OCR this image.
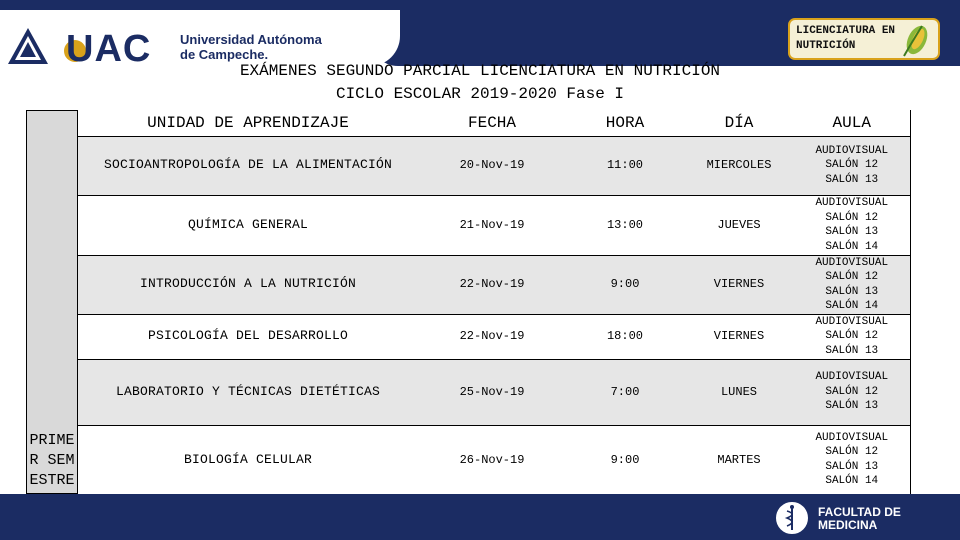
UAC Universidad Autónoma
de Campeche.
LICENCIATURA EN
NUTRICIÓN
EXÁMENES SEGUNDO PARCIAL LICENCIATURA EN NUTRICIÓN
CICLO ESCOLAR 2019-2020 Fase I
PRIMER SEMESTRE
UNIDAD DE APRENDIZAJE	FECHA	HORA	DÍA	AULA
SOCIOANTROPOLOGÍA DE LA ALIMENTACIÓN	20-Nov-19	11:00	MIERCOLES	AUDIOVISUAL
SALÓN 12
SALÓN 13

QUÍMICA GENERAL	21-Nov-19	13:00	JUEVES	AUDIOVISUAL
SALÓN 12
SALÓN 13
SALÓN 14

INTRODUCCIÓN A LA NUTRICIÓN	22-Nov-19	9:00	VIERNES	AUDIOVISUAL
SALÓN 12
SALÓN 13
SALÓN 14

PSICOLOGÍA DEL DESARROLLO	22-Nov-19	18:00	VIERNES	AUDIOVISUAL
SALÓN 12
SALÓN 13

LABORATORIO Y TÉCNICAS DIETÉTICAS	25-Nov-19	7:00	LUNES	AUDIOVISUAL
SALÓN 12
SALÓN 13

BIOLOGÍA CELULAR	26-Nov-19	9:00	MARTES	AUDIOVISUAL
SALÓN 12
SALÓN 13
SALÓN 14
FACULTAD DE
MEDICINA
